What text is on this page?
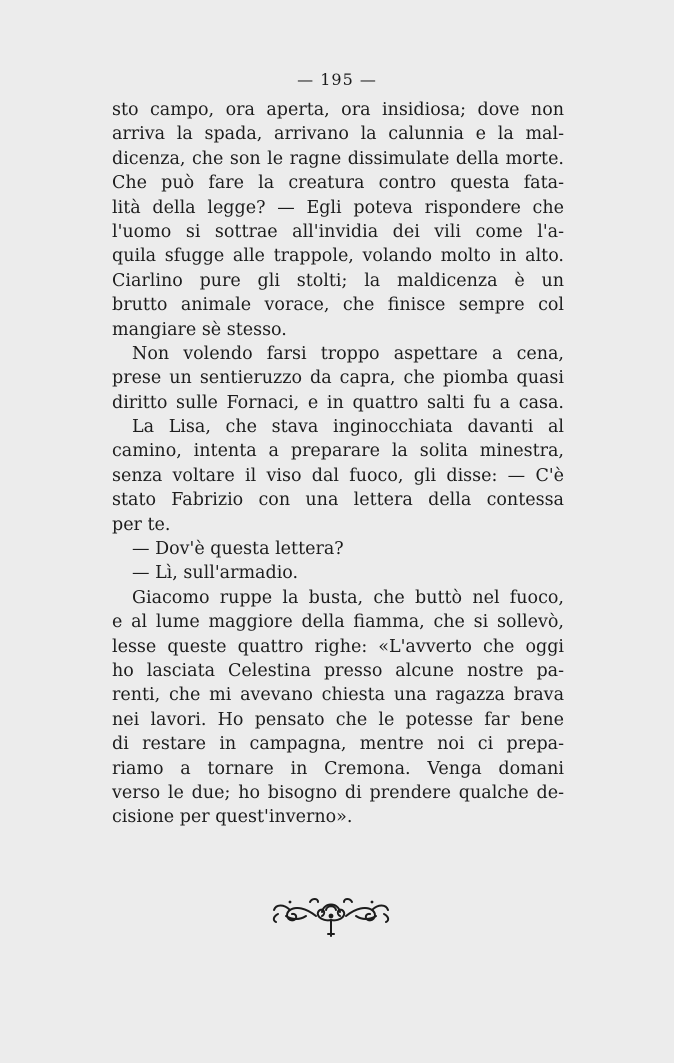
— 195 —
sto campo, ora aperta, ora insidiosa; dove non
arriva la spada, arrivano la calunnia e la mal-
dicenza, che son le ragne dissimulate della morte.
Che può fare la creatura contro questa fata-
lità della legge? — Egli poteva rispondere che
l'uomo si sottrae all'invidia dei vili come l'a-
quila sfugge alle trappole, volando molto in alto.
Ciarlino pure gli stolti; la maldicenza è un
brutto animale vorace, che finisce sempre col
mangiare sè stesso.
Non volendo farsi troppo aspettare a cena,
prese un sentieruzzo da capra, che piomba quasi
diritto sulle Fornaci, e in quattro salti fu a casa.
La Lisa, che stava inginocchiata davanti al
camino, intenta a preparare la solita minestra,
senza voltare il viso dal fuoco, gli disse: — C'è
stato Fabrizio con una lettera della contessa
per te.
— Dov'è questa lettera?
— Lì, sull'armadio.
Giacomo ruppe la busta, che buttò nel fuoco,
e al lume maggiore della fiamma, che si sollevò,
lesse queste quattro righe: «L'avverto che oggi
ho lasciata Celestina presso alcune nostre pa-
renti, che mi avevano chiesta una ragazza brava
nei lavori. Ho pensato che le potesse far bene
di restare in campagna, mentre noi ci prepa-
riamo a tornare in Cremona. Venga domani
verso le due; ho bisogno di prendere qualche de-
cisione per quest'inverno».
